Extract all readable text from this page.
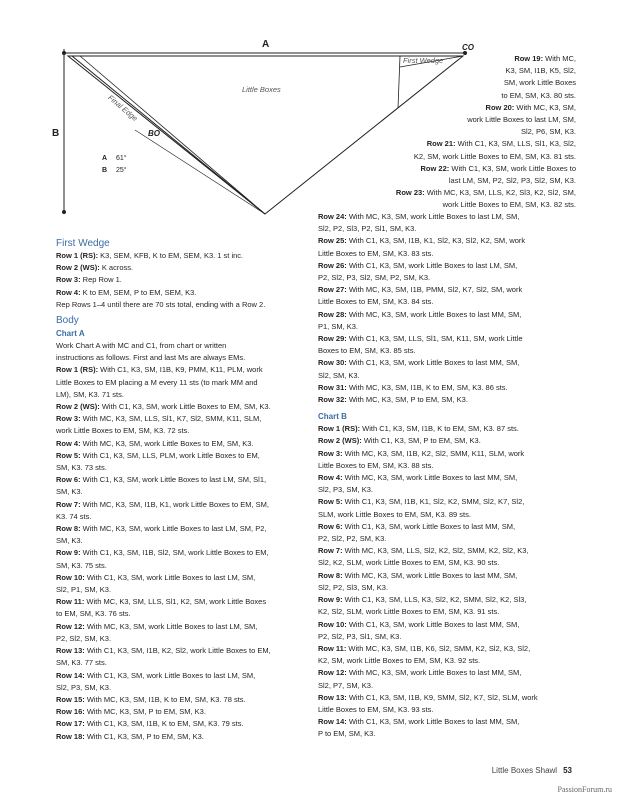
A
B
CO
BO
First Wedge
Final Edge
Little Boxes
A 61°
B 25°

Row 19: With MC,

K3, SM, I1B, K5, Sl2,

SM, work Little Boxes

to EM, SM, K3. 80 sts.

Row 20: With MC, K3, SM,

work Little Boxes to last LM, SM,

Sl2, P6, SM, K3.

Row 21: With C1, K3, SM, LLS, Sl1, K3, Sl2,

K2, SM, work Little Boxes to EM, SM, K3. 81 sts.

Row 22: With C1, K3, SM, work Little Boxes to

last LM, SM, P2, Sl2, P3, Sl2, SM, K3.

Row 23: With MC, K3, SM, LLS, K2, Sl3, K2, Sl2, SM,

work Little Boxes to EM, SM, K3. 82 sts.

First Wedge

Row 1 (RS): K3, SEM, KFB, K to EM, SEM, K3. 1 st inc.

Row 2 (WS): K across.

Row 3: Rep Row 1.

Row 4: K to EM, SEM, P to EM, SEM, K3.

Rep Rows 1–4 until there are 70 sts total, ending with a Row 2.

Body
Chart A

Work Chart A with MC and C1, from chart or written

instructions as follows. First and last Ms are always EMs.

Row 1 (RS): With C1, K3, SM, I1B, K9, PMM, K11, PLM, work

Little Boxes to EM placing a M every 11 sts (to mark MM and

LM), SM, K3. 71 sts.

Row 2 (WS): With C1, K3, SM, work Little Boxes to EM, SM, K3.

Row 3: With MC, K3, SM, LLS, Sl1, K7, Sl2, SMM, K11, SLM,

work Little Boxes to EM, SM, K3. 72 sts.

Row 4: With MC, K3, SM, work Little Boxes to EM, SM, K3.

Row 5: With C1, K3, SM, LLS, PLM, work Little Boxes to EM,

SM, K3. 73 sts.

Row 6: With C1, K3, SM, work Little Boxes to last LM, SM, Sl1,

SM, K3.

Row 7: With MC, K3, SM, I1B, K1, work Little Boxes to EM, SM,

K3. 74 sts.

Row 8: With MC, K3, SM, work Little Boxes to last LM, SM, P2,

SM, K3.

Row 9: With C1, K3, SM, I1B, Sl2, SM, work Little Boxes to EM,

SM, K3. 75 sts.

Row 10: With C1, K3, SM, work Little Boxes to last LM, SM,

Sl2, P1, SM, K3.

Row 11: With MC, K3, SM, LLS, Sl1, K2, SM, work Little Boxes

to EM, SM, K3. 76 sts.

Row 12: With MC, K3, SM, work Little Boxes to last LM, SM,

P2, Sl2, SM, K3.

Row 13: With C1, K3, SM, I1B, K2, Sl2, work Little Boxes to EM,

SM, K3. 77 sts.

Row 14: With C1, K3, SM, work Little Boxes to last LM, SM,

Sl2, P3, SM, K3.

Row 15: With MC, K3, SM, I1B, K to EM, SM, K3. 78 sts.

Row 16: With MC, K3, SM, P to EM, SM, K3.

Row 17: With C1, K3, SM, I1B, K to EM, SM, K3. 79 sts.

Row 18: With C1, K3, SM, P to EM, SM, K3.

Row 24: With MC, K3, SM, work Little Boxes to last LM, SM,

Sl2, P2, Sl3, P2, Sl1, SM, K3.

Row 25: With C1, K3, SM, I1B, K1, Sl2, K3, Sl2, K2, SM, work

Little Boxes to EM, SM, K3. 83 sts.

Row 26: With C1, K3, SM, work Little Boxes to last LM, SM,

P2, Sl2, P3, Sl2, SM, P2, SM, K3.

Row 27: With MC, K3, SM, I1B, PMM, Sl2, K7, Sl2, SM, work

Little Boxes to EM, SM, K3. 84 sts.

Row 28: With MC, K3, SM, work Little Boxes to last MM, SM,

P1, SM, K3.

Row 29: With C1, K3, SM, LLS, Sl1, SM, K11, SM, work Little

Boxes to EM, SM, K3. 85 sts.

Row 30: With C1, K3, SM, work Little Boxes to last MM, SM,

Sl2, SM, K3.

Row 31: With MC, K3, SM, I1B, K to EM, SM, K3. 86 sts.

Row 32: With MC, K3, SM, P to EM, SM, K3.

Chart B

Row 1 (RS): With C1, K3, SM, I1B, K to EM, SM, K3. 87 sts.

Row 2 (WS): With C1, K3, SM, P to EM, SM, K3.

Row 3: With MC, K3, SM, I1B, K2, Sl2, SMM, K11, SLM, work

Little Boxes to EM, SM, K3. 88 sts.

Row 4: With MC, K3, SM, work Little Boxes to last MM, SM,

Sl2, P3, SM, K3.

Row 5: With C1, K3, SM, I1B, K1, Sl2, K2, SMM, Sl2, K7, Sl2,

SLM, work Little Boxes to EM, SM, K3. 89 sts.

Row 6: With C1, K3, SM, work Little Boxes to last MM, SM,

P2, Sl2, P2, SM, K3.

Row 7: With MC, K3, SM, LLS, Sl2, K2, Sl2, SMM, K2, Sl2, K3,

Sl2, K2, SLM, work Little Boxes to EM, SM, K3. 90 sts.

Row 8: With MC, K3, SM, work Little Boxes to last MM, SM,

Sl2, P2, Sl3, SM, K3.

Row 9: With C1, K3, SM, LLS, K3, Sl2, K2, SMM, Sl2, K2, Sl3,

K2, Sl2, SLM, work Little Boxes to EM, SM, K3. 91 sts.

Row 10: With C1, K3, SM, work Little Boxes to last MM, SM,

P2, Sl2, P3, Sl1, SM, K3.

Row 11: With MC, K3, SM, I1B, K6, Sl2, SMM, K2, Sl2, K3, Sl2,

K2, SM, work Little Boxes to EM, SM, K3. 92 sts.

Row 12: With MC, K3, SM, work Little Boxes to last MM, SM,

Sl2, P7, SM, K3.

Row 13: With C1, K3, SM, I1B, K9, SMM, Sl2, K7, Sl2, SLM, work

Little Boxes to EM, SM, K3. 93 sts.

Row 14: With C1, K3, SM, work Little Boxes to last MM, SM,

P to EM, SM, K3.

Little Boxes Shawl 53
PassionForum.ru
